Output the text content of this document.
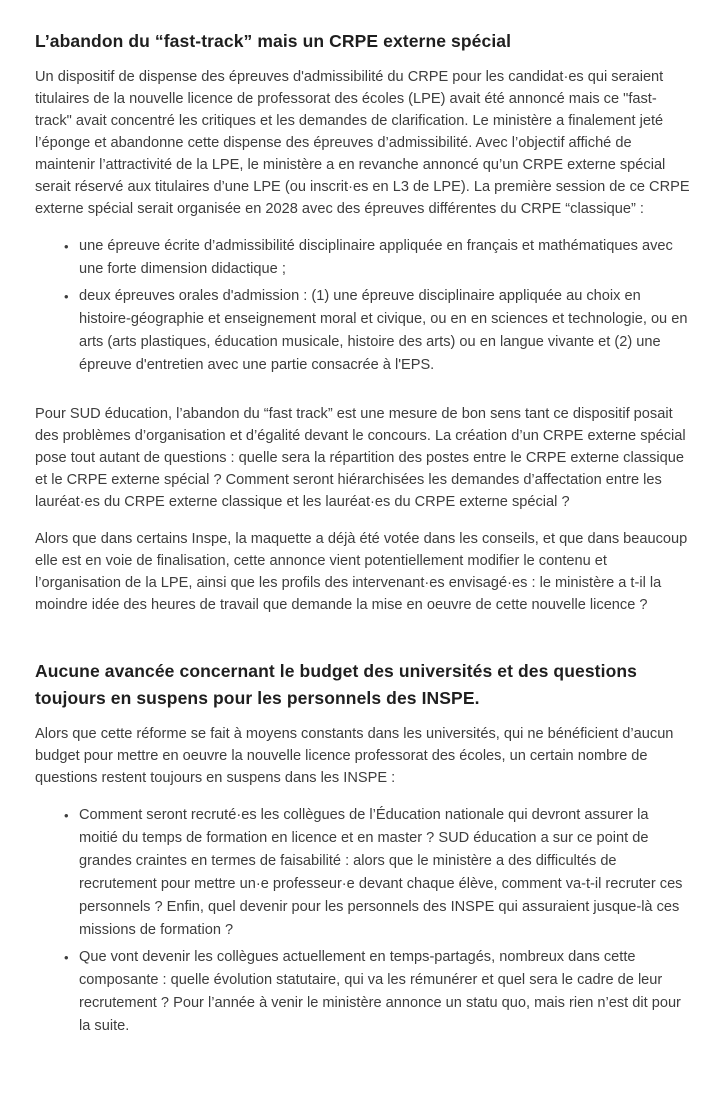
L’abandon du “fast-track” mais un CRPE externe spécial

Un dispositif de dispense des épreuves d'admissibilité du CRPE pour les candidat·es qui seraient titulaires de la nouvelle licence de professorat des écoles (LPE) avait été annoncé mais ce "fast-track" avait concentré les critiques et les demandes de clarification. Le ministère a finalement jeté l’éponge et abandonne cette dispense des épreuves d’admissibilité. Avec l’objectif affiché de maintenir l’attractivité de la LPE, le ministère a en revanche annoncé qu’un CRPE externe spécial serait réservé aux titulaires d’une LPE (ou inscrit·es en L3 de LPE). La première session de ce CRPE externe spécial serait organisée en 2028 avec des épreuves différentes du CRPE “classique” :

• une épreuve écrite d’admissibilité disciplinaire appliquée en français et mathématiques avec une forte dimension didactique ;
• deux épreuves orales d'admission : (1) une épreuve disciplinaire appliquée au choix en histoire-géographie et enseignement moral et civique, ou en en sciences et technologie, ou en arts (arts plastiques, éducation musicale, histoire des arts) ou en langue vivante et (2) une épreuve d'entretien avec une partie consacrée à l'EPS.

Pour SUD éducation, l’abandon du “fast track” est une mesure de bon sens tant ce dispositif posait des problèmes d’organisation et d’égalité devant le concours. La création d’un CRPE externe spécial pose tout autant de questions : quelle sera la répartition des postes entre le CRPE externe classique et le CRPE externe spécial ? Comment seront hiérarchisées les demandes d’affectation entre les lauréat·es du CRPE externe classique et les lauréat·es du CRPE externe spécial ?

Alors que dans certains Inspe, la maquette a déjà été votée dans les conseils, et que dans beaucoup elle est en voie de finalisation, cette annonce vient potentiellement modifier le contenu et l’organisation de la LPE, ainsi que les profils des intervenant·es envisagé·es : le ministère a t-il la moindre idée des heures de travail que demande la mise en oeuvre de cette nouvelle licence ?

Aucune avancée concernant le budget des universités et des questions toujours en suspens pour les personnels des INSPE.

Alors que cette réforme se fait à moyens constants dans les universités, qui ne bénéficient d’aucun budget pour mettre en oeuvre la nouvelle licence professorat des écoles, un certain nombre de questions restent toujours en suspens dans les INSPE :

• Comment seront recruté·es les collègues de l’Éducation nationale qui devront assurer la moitié du temps de formation en licence et en master ? SUD éducation a sur ce point de grandes craintes en termes de faisabilité : alors que le ministère a des difficultés de recrutement pour mettre un·e professeur·e devant chaque élève, comment va-t-il recruter ces personnels ? Enfin, quel devenir pour les personnels des INSPE qui assuraient jusque-là ces missions de formation ?
• Que vont devenir les collègues actuellement en temps-partagés, nombreux dans cette composante : quelle évolution statutaire, qui va les rémunérer et quel sera le cadre de leur recrutement ? Pour l’année à venir le ministère annonce un statu quo, mais rien n’est dit pour la suite.
